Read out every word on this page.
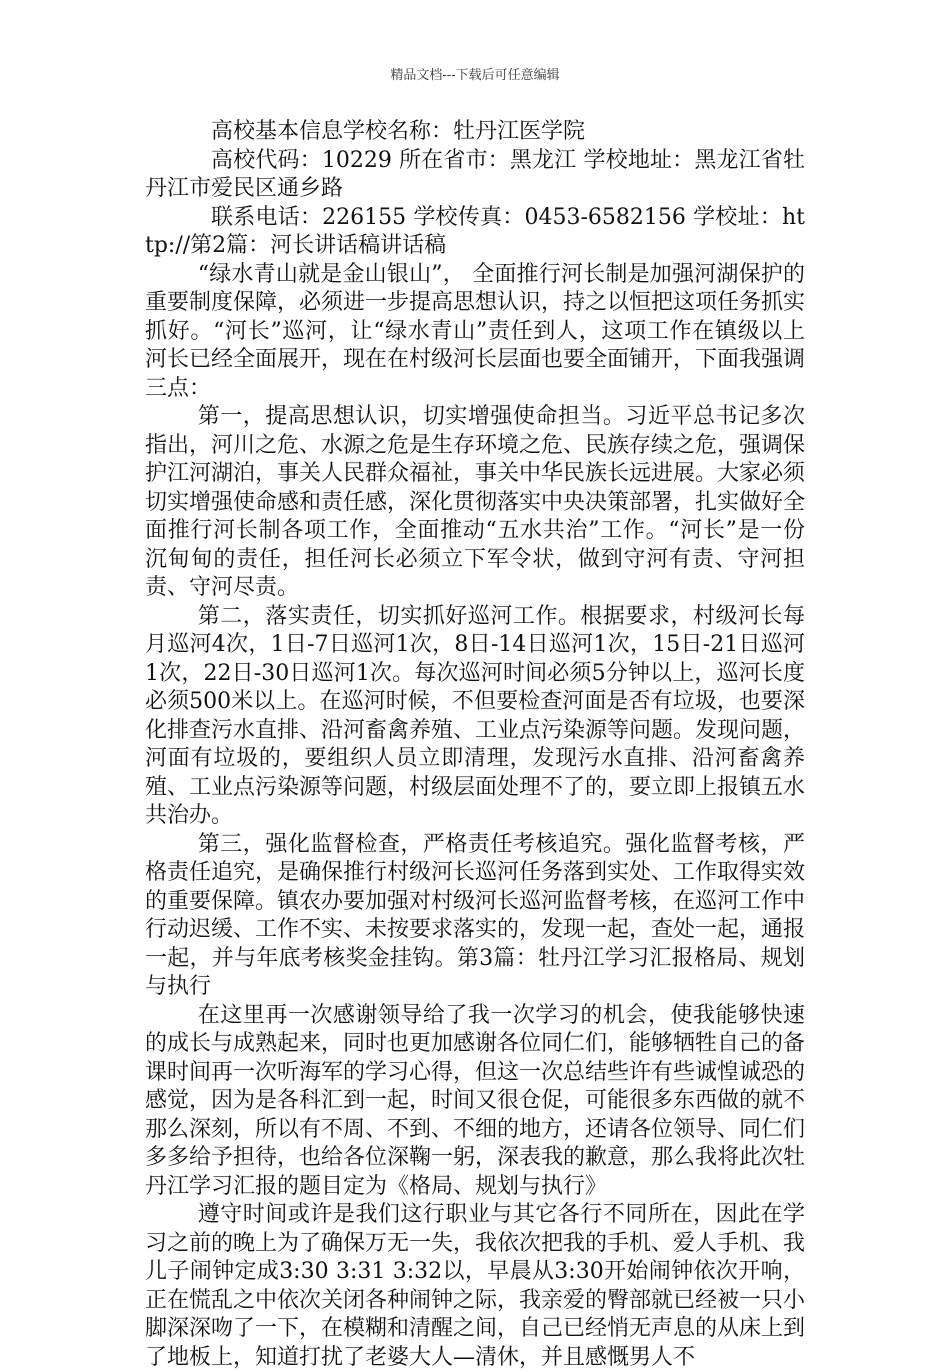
精品文档---下载后可任意编辑

高校基本信息学校名称：牡丹江医学院

高校代码：10229 所在省市：黑龙江 学校地址：黑龙江省牡丹江市爱民区通乡路

联系电话：226155 学校传真：0453-6582156 学校址：http://第2篇：河长讲话稿讲话稿

“绿水青山就是金山银山”， 全面推行河长制是加强河湖保护的重要制度保障，必须进一步提高思想认识，持之以恒把这项任务抓实抓好。“河长”巡河，让“绿水青山”责任到人，这项工作在镇级以上河长已经全面展开，现在在村级河长层面也要全面铺开，下面我强调三点：

第一，提高思想认识，切实增强使命担当。习近平总书记多次指出，河川之危、水源之危是生存环境之危、民族存续之危，强调保护江河湖泊，事关人民群众福祉，事关中华民族长远进展。大家必须切实增强使命感和责任感，深化贯彻落实中央决策部署，扎实做好全面推行河长制各项工作，全面推动“五水共治”工作。“河长”是一份沉甸甸的责任，担任河长必须立下军令状，做到守河有责、守河担责、守河尽责。

第二，落实责任，切实抓好巡河工作。根据要求，村级河长每月巡河4次，1日-7日巡河1次，8日-14日巡河1次，15日-21日巡河1次，22日-30日巡河1次。每次巡河时间必须5分钟以上，巡河长度必须500米以上。在巡河时候，不但要检查河面是否有垃圾，也要深化排查污水直排、沿河畜禽养殖、工业点污染源等问题。发现问题，河面有垃圾的，要组织人员立即清理，发现污水直排、沿河畜禽养殖、工业点污染源等问题，村级层面处理不了的，要立即上报镇五水共治办。

第三，强化监督检查，严格责任考核追究。强化监督考核，严格责任追究，是确保推行村级河长巡河任务落到实处、工作取得实效的重要保障。镇农办要加强对村级河长巡河监督考核，在巡河工作中行动迟缓、工作不实、未按要求落实的，发现一起，查处一起，通报一起，并与年底考核奖金挂钩。第3篇：牡丹江学习汇报格局、规划与执行

在这里再一次感谢领导给了我一次学习的机会，使我能够快速的成长与成熟起来，同时也更加感谢各位同仁们，能够牺牲自己的备课时间再一次听海军的学习心得，但这一次总结些许有些诚惶诚恐的感觉，因为是各科汇到一起，时间又很仓促，可能很多东西做的就不那么深刻，所以有不周、不到、不细的地方，还请各位领导、同仁们多多给予担待，也给各位深鞠一躬，深表我的歉意，那么我将此次牡丹江学习汇报的题目定为《格局、规划与执行》

遵守时间或许是我们这行职业与其它各行不同所在，因此在学习之前的晚上为了确保万无一失，我依次把我的手机、爱人手机、我儿子闹钟定成3:30 3:31 3:32以，早晨从3:30开始闹钟依次开响，正在慌乱之中依次关闭各种闹钟之际，我亲爱的臀部就已经被一只小脚深深吻了一下，在模糊和清醒之间，自己已经悄无声息的从床上到了地板上，知道打扰了老婆大人—清休，并且感慨男人不
